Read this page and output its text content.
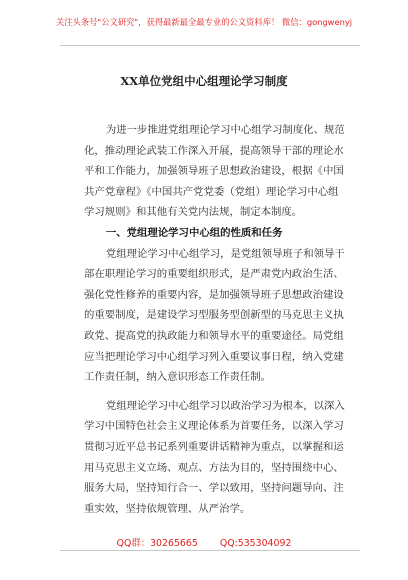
关注头条号"公文研究"，获得最新最全最专业的公文资料库！ 微信：gongwenyj
XX单位党组中心组理论学习制度
为进一步推进党组理论学习中心组学习制度化、规范
化，推动理论武装工作深入开展，提高领导干部的理论水
平和工作能力，加强领导班子思想政治建设，根据《中国
共产党章程》《中国共产党党委（党组）理论学习中心组
学习规则》和其他有关党内法规，制定本制度。
一、党组理论学习中心组的性质和任务
党组理论学习中心组学习，是党组领导班子和领导干
部在职理论学习的重要组织形式，是严肃党内政治生活、
强化党性修养的重要内容，是加强领导班子思想政治建设
的重要制度，是建设学习型服务型创新型的马克思主义执
政党、提高党的执政能力和领导水平的重要途径。局党组
应当把理论学习中心组学习列入重要议事日程，纳入党建
工作责任制，纳入意识形态工作责任制。
党组理论学习中心组学习以政治学习为根本，以深入
学习中国特色社会主义理论体系为首要任务，以深入学习
贯彻习近平总书记系列重要讲话精神为重点，以掌握和运
用马克思主义立场、观点、方法为目的，坚持围绕中心、
服务大局，坚持知行合一、学以致用，坚持问题导向、注
重实效，坚持依规管理、从严治学。
QQ群：30265665 QQ:535304092
